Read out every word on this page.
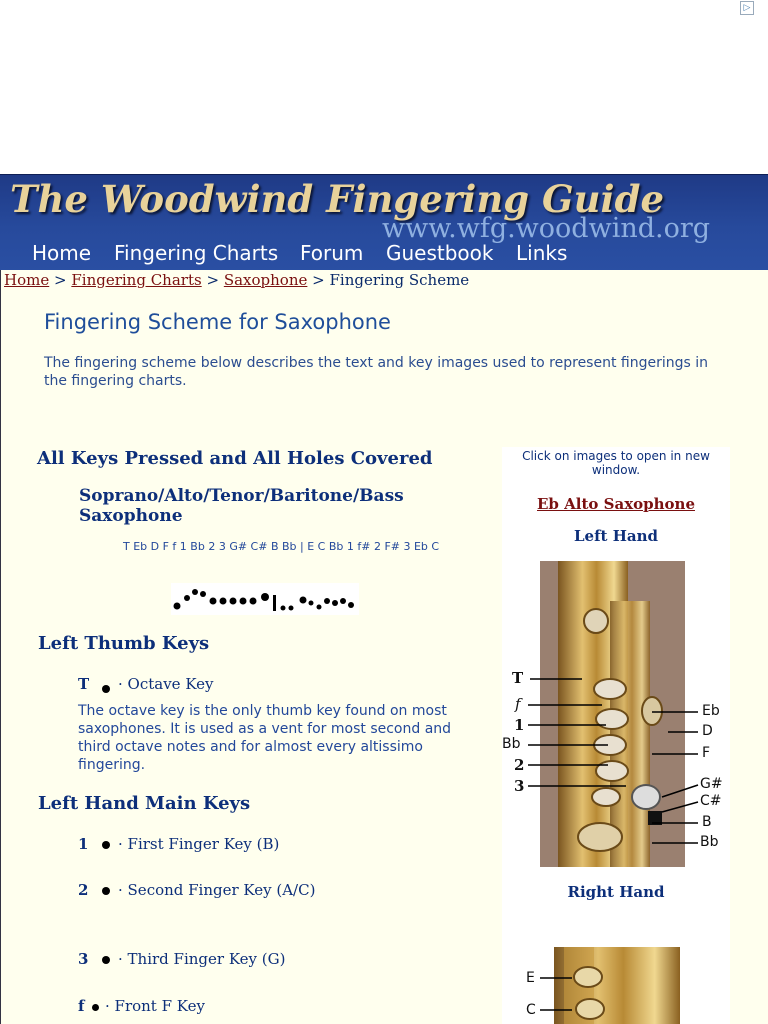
▷
The Woodwind Fingering Guide
www.wfg.woodwind.org
Home Fingering Charts Forum Guestbook Links
Home > Fingering Charts > Saxophone > Fingering Scheme
Fingering Scheme for Saxophone
The fingering scheme below describes the text and key images used to represent fingerings in the fingering charts.
All Keys Pressed and All Holes Covered
Soprano/Alto/Tenor/Baritone/Bass Saxophone
T Eb D F f 1 Bb 2 3 G# C# B Bb | E C Bb 1 f# 2 F# 3 Eb C
Left Thumb Keys
T · Octave Key
The octave key is the only thumb key found on most saxophones. It is used as a vent for most second and third octave notes and for almost every altissimo fingering.
Left Hand Main Keys
1 · First Finger Key (B)
2 · Second Finger Key (A/C)
3 · Third Finger Key (G)
f · Front F Key
Click on images to open in new window.
Eb Alto Saxophone
Left Hand
T
f
1
Bb
2
3
Eb
D
F
G#
C#
B
Bb
Right Hand
E
C
